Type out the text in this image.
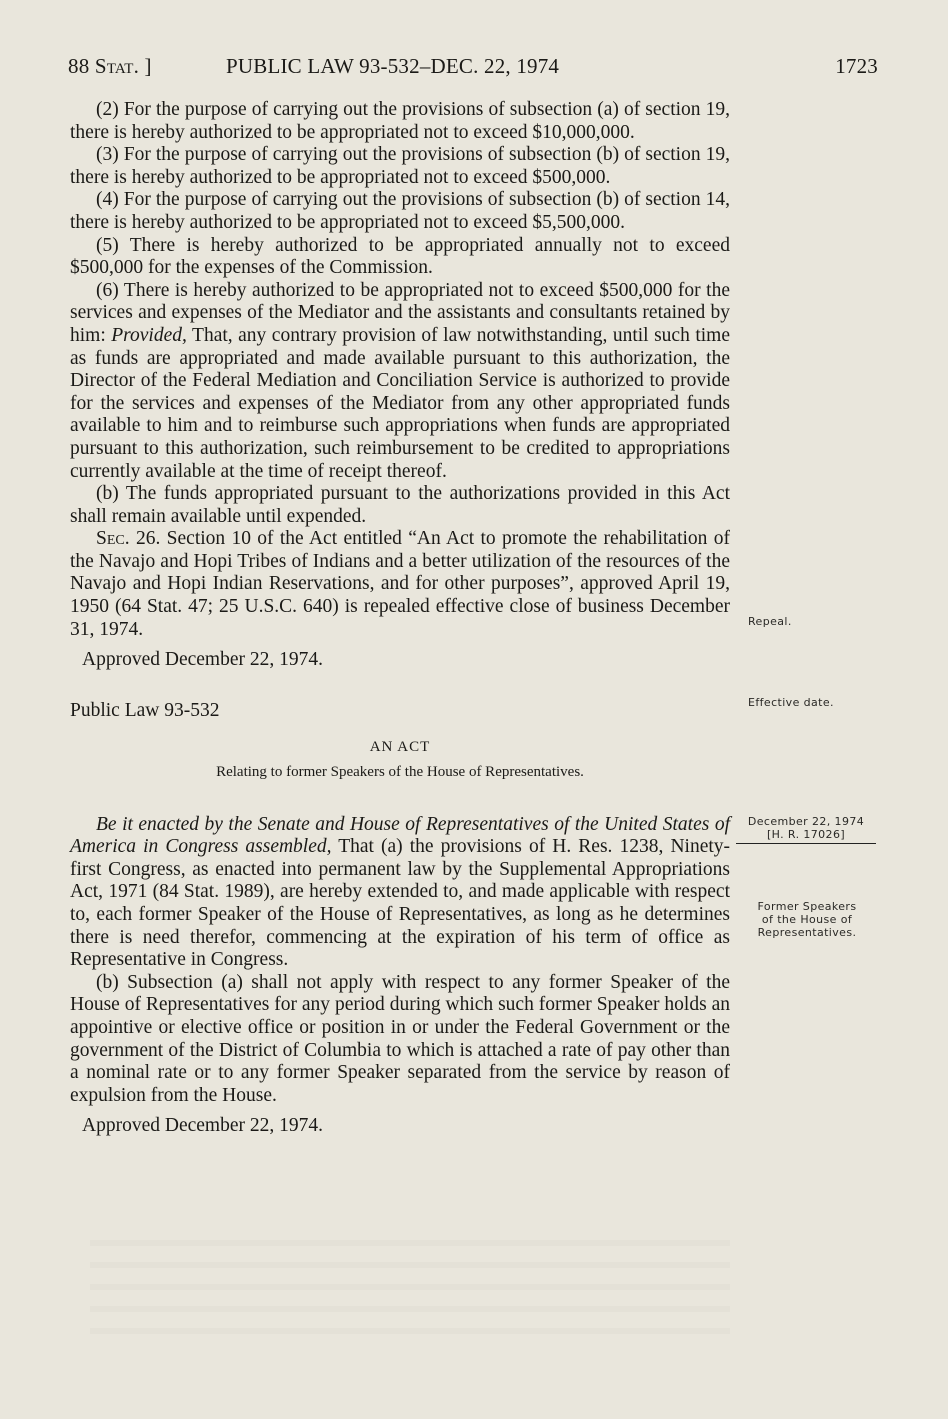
88 Stat. ]	PUBLIC LAW 93-532–DEC. 22, 1974	1723

(2) For the purpose of carrying out the provisions of subsection (a) of section 19, there is hereby authorized to be appropriated not to exceed $10,000,000.

(3) For the purpose of carrying out the provisions of subsection (b) of section 19, there is hereby authorized to be appropriated not to exceed $500,000.

(4) For the purpose of carrying out the provisions of subsection (b) of section 14, there is hereby authorized to be appropriated not to exceed $5,500,000.

(5) There is hereby authorized to be appropriated annually not to exceed $500,000 for the expenses of the Commission.

(6) There is hereby authorized to be appropriated not to exceed $500,000 for the services and expenses of the Mediator and the assistants and consultants retained by him: Provided, That, any contrary provision of law notwithstanding, until such time as funds are appropriated and made available pursuant to this authorization, the Director of the Federal Mediation and Conciliation Service is authorized to provide for the services and expenses of the Mediator from any other appropriated funds available to him and to reimburse such appropriations when funds are appropriated pursuant to this authorization, such reimbursement to be credited to appropriations currently available at the time of receipt thereof.

(b) The funds appropriated pursuant to the authorizations provided in this Act shall remain available until expended.

Sec. 26. Section 10 of the Act entitled “An Act to promote the rehabilitation of the Navajo and Hopi Tribes of Indians and a better utilization of the resources of the Navajo and Hopi Indian Reservations, and for other purposes”, approved April 19, 1950 (64 Stat. 47; 25 U.S.C. 640) is repealed effective close of business December 31, 1974.

Approved December 22, 1974.

Public Law 93-532
AN ACT
Relating to former Speakers of the House of Representatives.

Be it enacted by the Senate and House of Representatives of the United States of America in Congress assembled, That (a) the provisions of H. Res. 1238, Ninety-first Congress, as enacted into permanent law by the Supplemental Appropriations Act, 1971 (84 Stat. 1989), are hereby extended to, and made applicable with respect to, each former Speaker of the House of Representatives, as long as he determines there is need therefor, commencing at the expiration of his term of office as Representative in Congress.

(b) Subsection (a) shall not apply with respect to any former Speaker of the House of Representatives for any period during which such former Speaker holds an appointive or elective office or position in or under the Federal Government or the government of the District of Columbia to which is attached a rate of pay other than a nominal rate or to any former Speaker separated from the service by reason of expulsion from the House.

Approved December 22, 1974.

Repeal.
Effective date.
December 22, 1974
[H. R. 17026]
Former Speakers
of the House of
Representatives.
